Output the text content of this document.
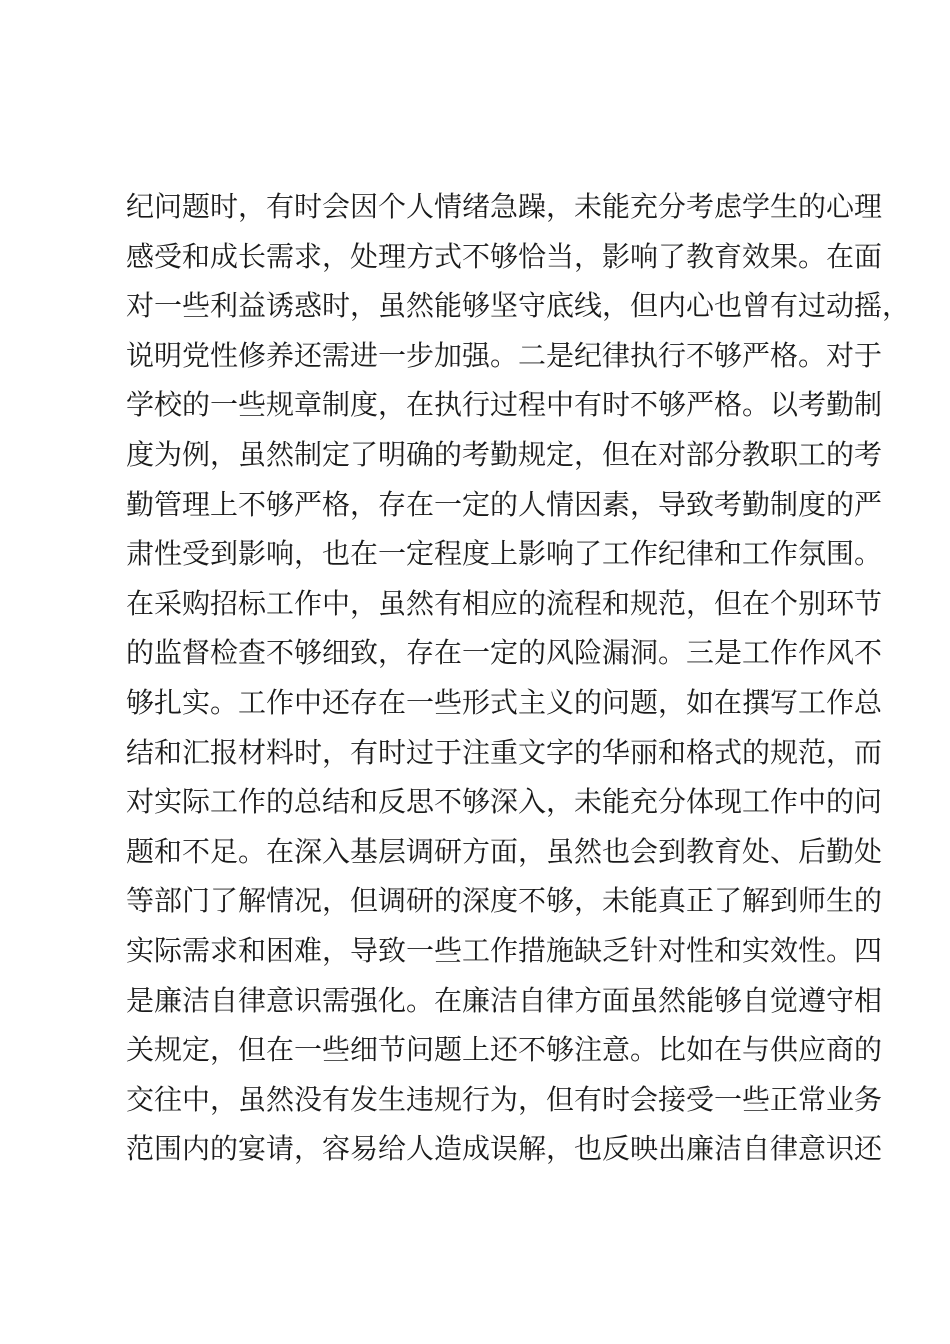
纪问题时，有时会因个人情绪急躁，未能充分考虑学生的心理
感受和成长需求，处理方式不够恰当，影响了教育效果。在面
对一些利益诱惑时，虽然能够坚守底线，但内心也曾有过动摇，
说明党性修养还需进一步加强。二是纪律执行不够严格。对于
学校的一些规章制度，在执行过程中有时不够严格。以考勤制
度为例，虽然制定了明确的考勤规定，但在对部分教职工的考
勤管理上不够严格，存在一定的人情因素，导致考勤制度的严
肃性受到影响，也在一定程度上影响了工作纪律和工作氛围。
在采购招标工作中，虽然有相应的流程和规范，但在个别环节
的监督检查不够细致，存在一定的风险漏洞。三是工作作风不
够扎实。工作中还存在一些形式主义的问题，如在撰写工作总
结和汇报材料时，有时过于注重文字的华丽和格式的规范，而
对实际工作的总结和反思不够深入，未能充分体现工作中的问
题和不足。在深入基层调研方面，虽然也会到教育处、后勤处
等部门了解情况，但调研的深度不够，未能真正了解到师生的
实际需求和困难，导致一些工作措施缺乏针对性和实效性。四
是廉洁自律意识需强化。在廉洁自律方面虽然能够自觉遵守相
关规定，但在一些细节问题上还不够注意。比如在与供应商的
交往中，虽然没有发生违规行为，但有时会接受一些正常业务
范围内的宴请，容易给人造成误解，也反映出廉洁自律意识还
